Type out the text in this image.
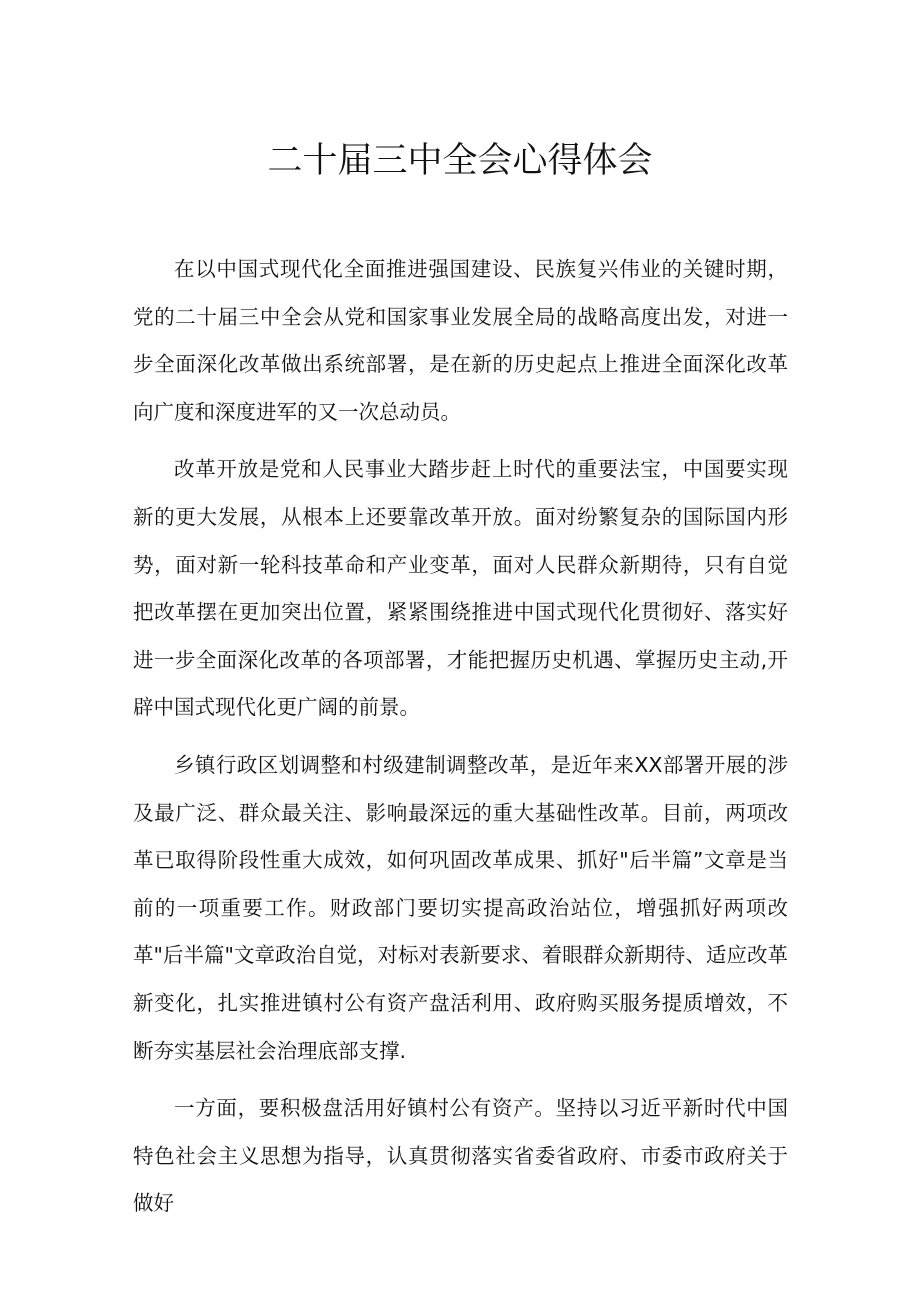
二十届三中全会心得体会

在以中国式现代化全面推进强国建设、民族复兴伟业的关键时期，党的二十届三中全会从党和国家事业发展全局的战略高度出发，对进一步全面深化改革做出系统部署，是在新的历史起点上推进全面深化改革向广度和深度进军的又一次总动员。

改革开放是党和人民事业大踏步赶上时代的重要法宝，中国要实现新的更大发展，从根本上还要靠改革开放。面对纷繁复杂的国际国内形势，面对新一轮科技革命和产业变革，面对人民群众新期待，只有自觉把改革摆在更加突出位置，紧紧围绕推进中国式现代化贯彻好、落实好进一步全面深化改革的各项部署，才能把握历史机遇、掌握历史主动,开辟中国式现代化更广阔的前景。

乡镇行政区划调整和村级建制调整改革，是近年来XX部署开展的涉及最广泛、群众最关注、影响最深远的重大基础性改革。目前，两项改革已取得阶段性重大成效，如何巩固改革成果、抓好"后半篇”文章是当前的一项重要工作。财政部门要切实提高政治站位，增强抓好两项改革"后半篇"文章政治自觉，对标对表新要求、着眼群众新期待、适应改革新变化，扎实推进镇村公有资产盘活利用、政府购买服务提质增效，不断夯实基层社会治理底部支撑.

一方面，要积极盘活用好镇村公有资产。坚持以习近平新时代中国特色社会主义思想为指导，认真贯彻落实省委省政府、市委市政府关于做好
